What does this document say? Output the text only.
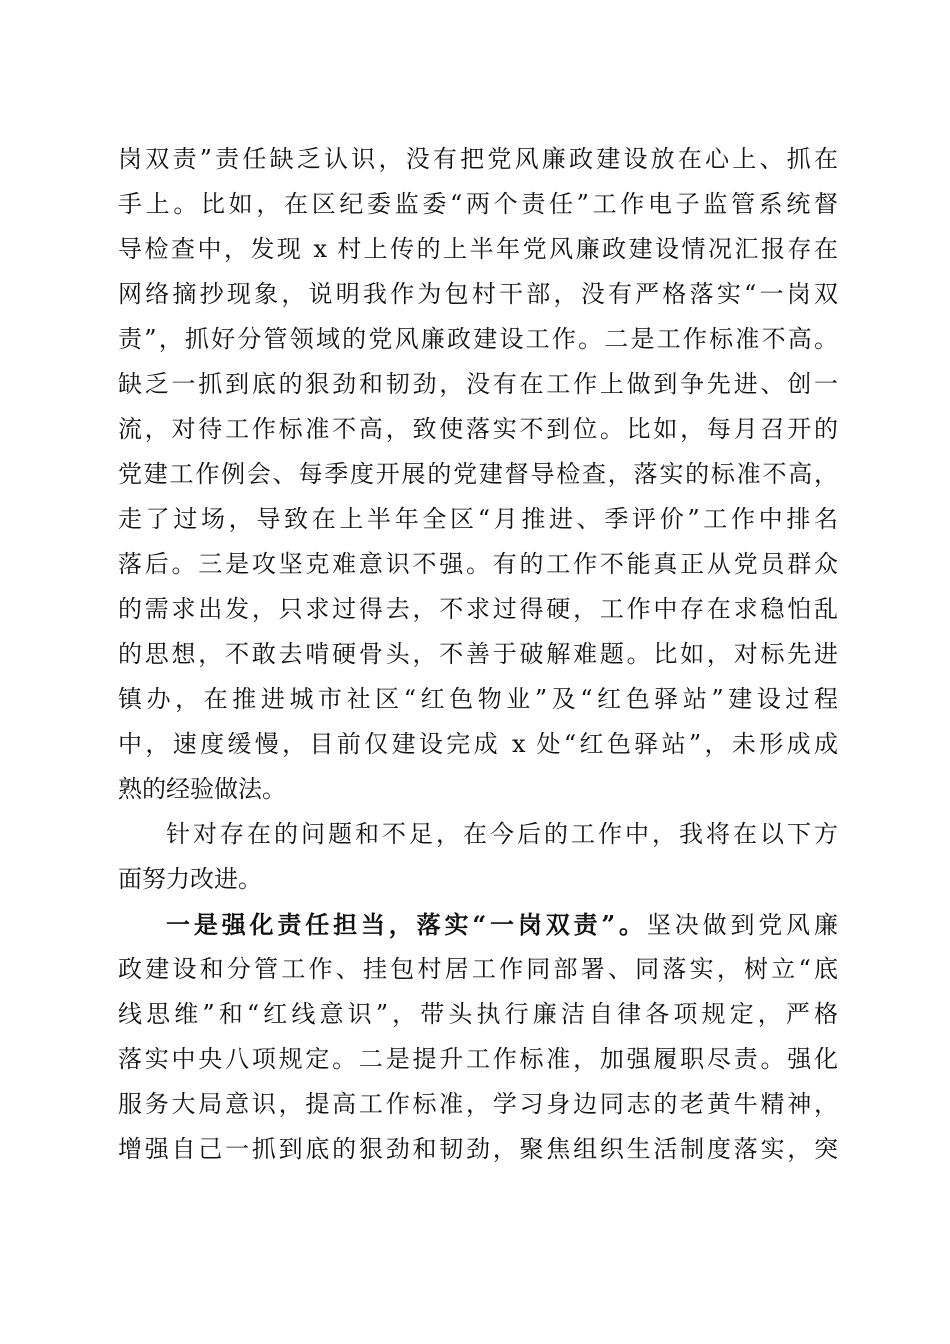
岗双责”责任缺乏认识，没有把党风廉政建设放在心上、抓在
手上。比如，在区纪委监委“两个责任”工作电子监管系统督
导检查中，发现 x 村上传的上半年党风廉政建设情况汇报存在
网络摘抄现象，说明我作为包村干部，没有严格落实“一岗双
责”，抓好分管领域的党风廉政建设工作。二是工作标准不高。
缺乏一抓到底的狠劲和韧劲，没有在工作上做到争先进、创一
流，对待工作标准不高，致使落实不到位。比如，每月召开的
党建工作例会、每季度开展的党建督导检查，落实的标准不高，
走了过场，导致在上半年全区“月推进、季评价”工作中排名
落后。三是攻坚克难意识不强。有的工作不能真正从党员群众
的需求出发，只求过得去，不求过得硬，工作中存在求稳怕乱
的思想，不敢去啃硬骨头，不善于破解难题。比如，对标先进
镇办，在推进城市社区“红色物业”及“红色驿站”建设过程
中，速度缓慢，目前仅建设完成 x 处“红色驿站”，未形成成
熟的经验做法。
针对存在的问题和不足，在今后的工作中，我将在以下方
面努力改进。
一是强化责任担当，落实“一岗双责”。坚决做到党风廉
政建设和分管工作、挂包村居工作同部署、同落实，树立“底
线思维”和“红线意识”，带头执行廉洁自律各项规定，严格
落实中央八项规定。二是提升工作标准，加强履职尽责。强化
服务大局意识，提高工作标准，学习身边同志的老黄牛精神，
增强自己一抓到底的狠劲和韧劲，聚焦组织生活制度落实，突
